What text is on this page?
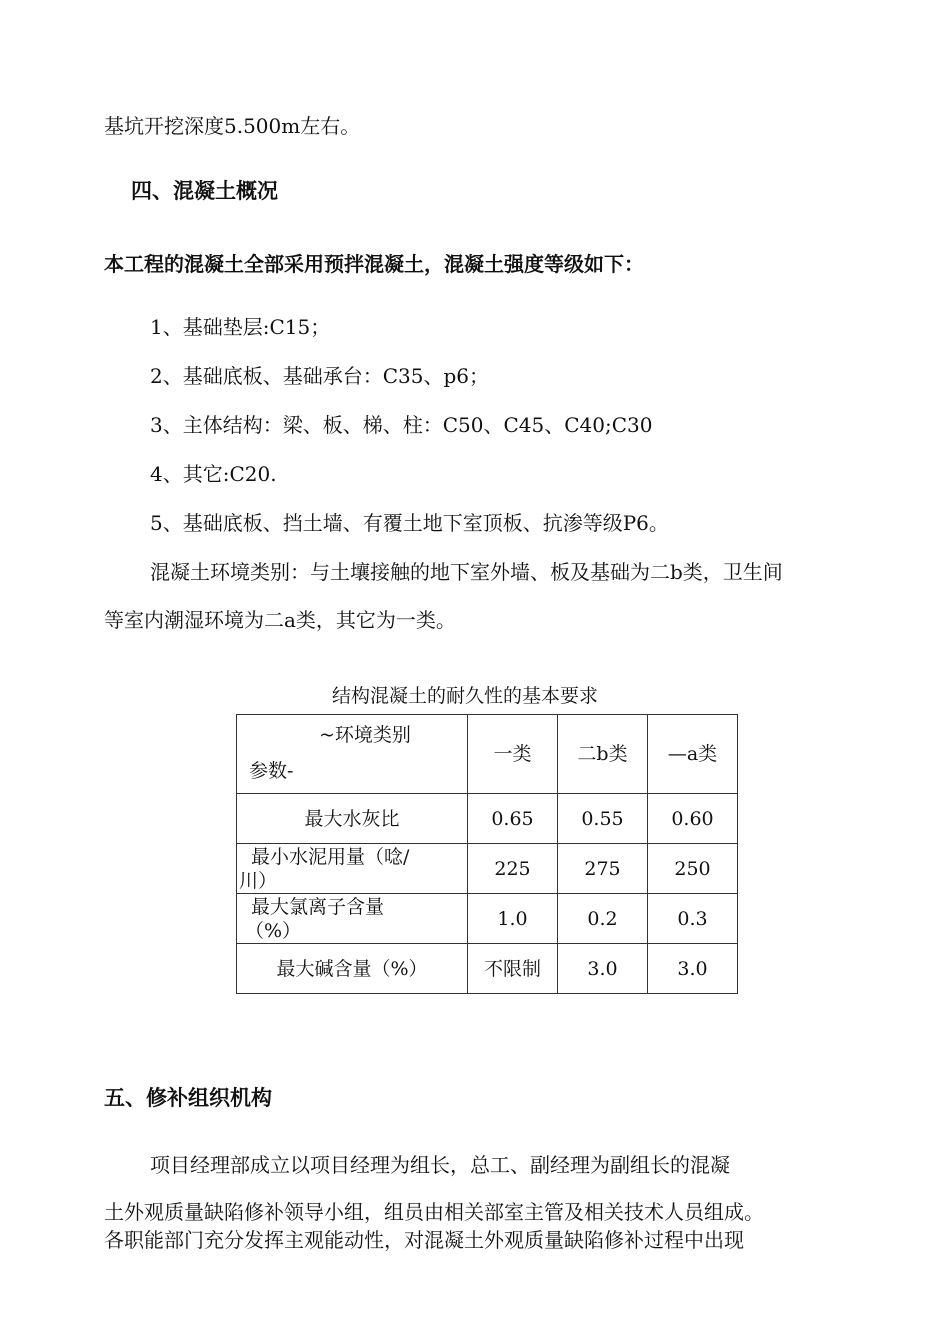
基坑开挖深度5.500m左右。
四、混凝土概况
本工程的混凝土全部采用预拌混凝土，混凝土强度等级如下：
1、基础垫层:C15；
2、基础底板、基础承台：C35、p6；
3、主体结构：梁、板、梯、柱：C50、C45、C40;C30
4、其它:C20.
5、基础底板、挡土墙、有覆土地下室顶板、抗渗等级P6。
混凝土环境类别：与土壤接触的地下室外墙、板及基础为二b类，卫生间
等室内潮湿环境为二a类，其它为一类。
结构混凝土的耐久性的基本要求
~环境类别
参数-	一类	二b类	—a类

最大水灰比	0.65	0.55	0.60

最小水泥用量（唸/
川）	225	275	250

最大氯离子含量
（%）	1.0	0.2	0.3

最大碱含量（%）	不限制	3.0	3.0
五、修补组织机构
项目经理部成立以项目经理为组长，总工、副经理为副组长的混凝
土外观质量缺陷修补领导小组，组员由相关部室主管及相关技术人员组成。
各职能部门充分发挥主观能动性，对混凝土外观质量缺陷修补过程中出现
